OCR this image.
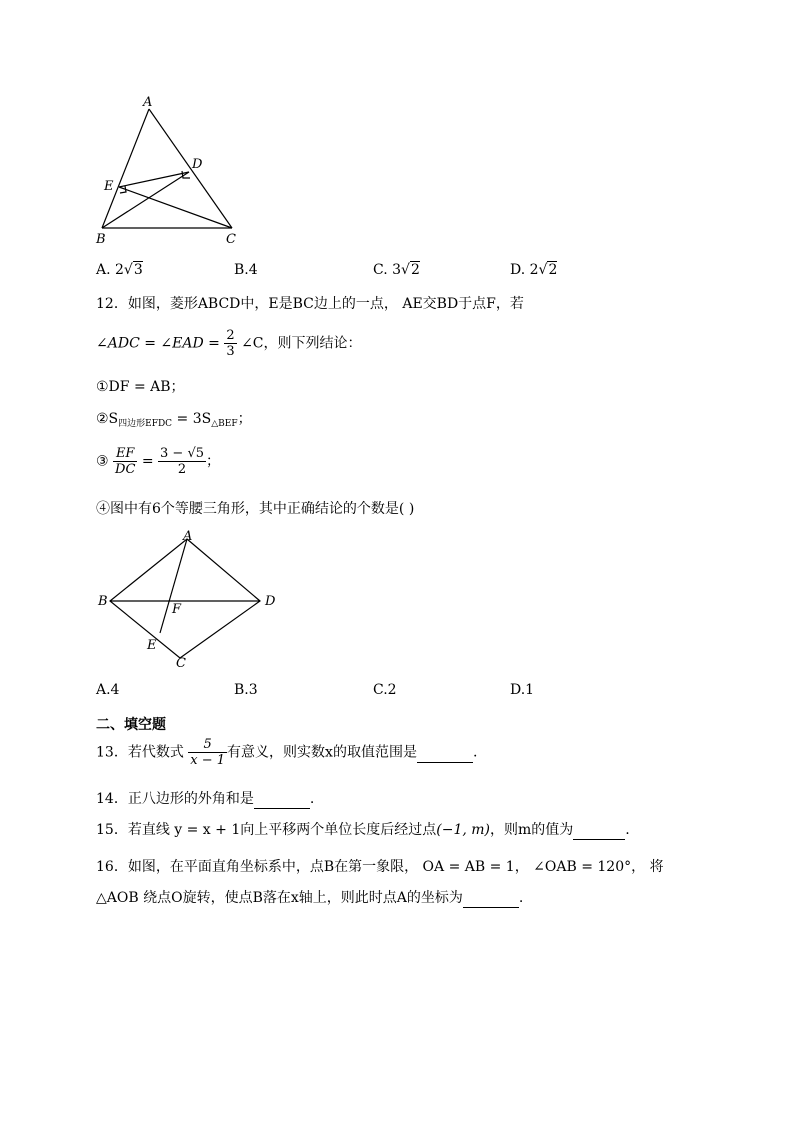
A
D
E
B	C
A. 2√3	B.4	C. 3√2	D. 2√2
12．如图，菱形ABCD中，E是BC边上的一点， AE交BD于点F，若
∠ADC = ∠EAD = $\frac{2}{3}$ ∠C，则下列结论：
①DF = AB；
$②S_{四边形EFDC} = 3S_{\triangle BEF}$；
③ $\frac{EF}{DC} = \frac{3 - √5}{2}$ ；
④图中有6个等腰三角形，其中正确结论的个数是( )
A
B	D
F
E
C
A.4	B.3	C.2	D.1
二、填空题
13．若代数式 $\frac{5}{x - 1}$ 有意义，则实数x的取值范围是	.
14．正八边形的外角和是	.
15．若直线 y = x + 1向上平移两个单位长度后经过点(−1, m)，则m的值为	.
16．如图，在平面直角坐标系中，点B在第一象限， OA = AB = 1， ∠OAB = 120°， 将
△AOB 绕点O旋转，使点B落在x轴上，则此时点A的坐标为	.
